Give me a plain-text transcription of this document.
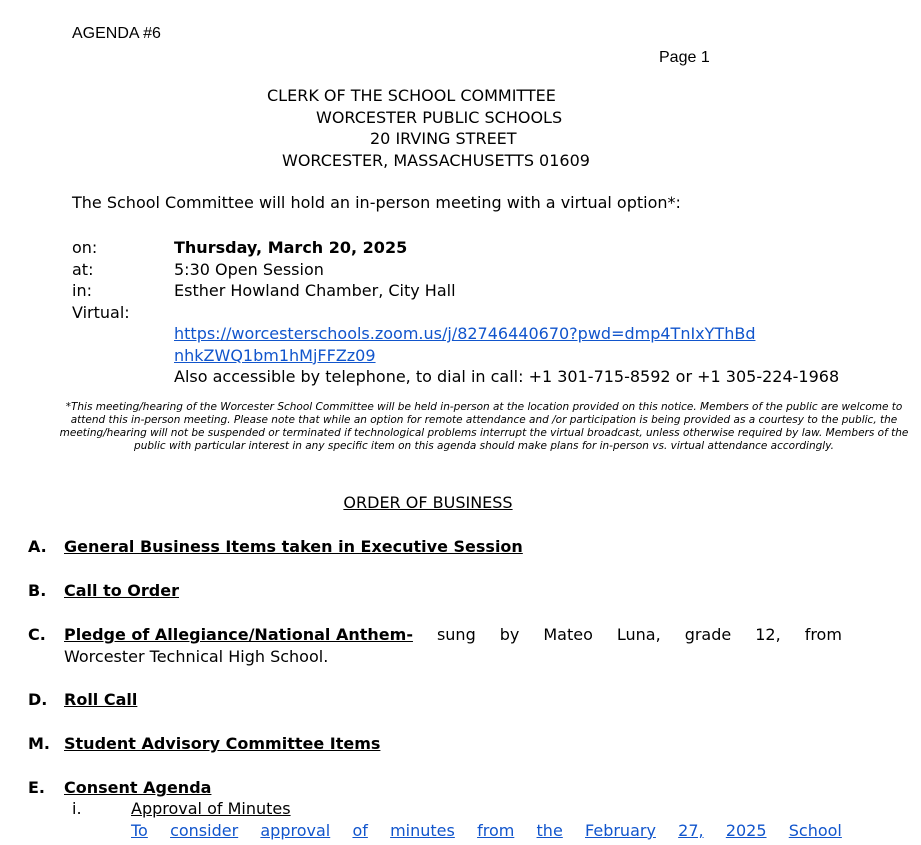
AGENDA #6
Page 1
CLERK OF THE SCHOOL COMMITTEE
WORCESTER PUBLIC SCHOOLS
20 IRVING STREET
WORCESTER, MASSACHUSETTS 01609
The School Committee will hold an in-person meeting with a virtual option*:
on:	Thursday, March 20, 2025
at:	5:30 Open Session
in:	Esther Howland Chamber, City Hall
Virtual:
https://worcesterschools.zoom.us/j/82746440670?pwd=dmp4TnIxYThBd
nhkZWQ1bm1hMjFFZz09
Also accessible by telephone, to dial in call: +1 301-715-8592 or +1 305-224-1968
*This meeting/hearing of the Worcester School Committee will be held in-person at the location provided on this notice. Members of the public are welcome to attend this in-person meeting. Please note that while an option for remote attendance and /or participation is being provided as a courtesy to the public, the meeting/hearing will not be suspended or terminated if technological problems interrupt the virtual broadcast, unless otherwise required by law. Members of the public with particular interest in any specific item on this agenda should make plans for in-person vs. virtual attendance accordingly.
ORDER OF BUSINESS
A. General Business Items taken in Executive Session
B. Call to Order
C. Pledge of Allegiance/National Anthem- sung by Mateo Luna, grade 12, from
Worcester Technical High School.
D. Roll Call
M. Student Advisory Committee Items
E. Consent Agenda
i.	Approval of Minutes
To consider approval of minutes from the February 27, 2025 School
